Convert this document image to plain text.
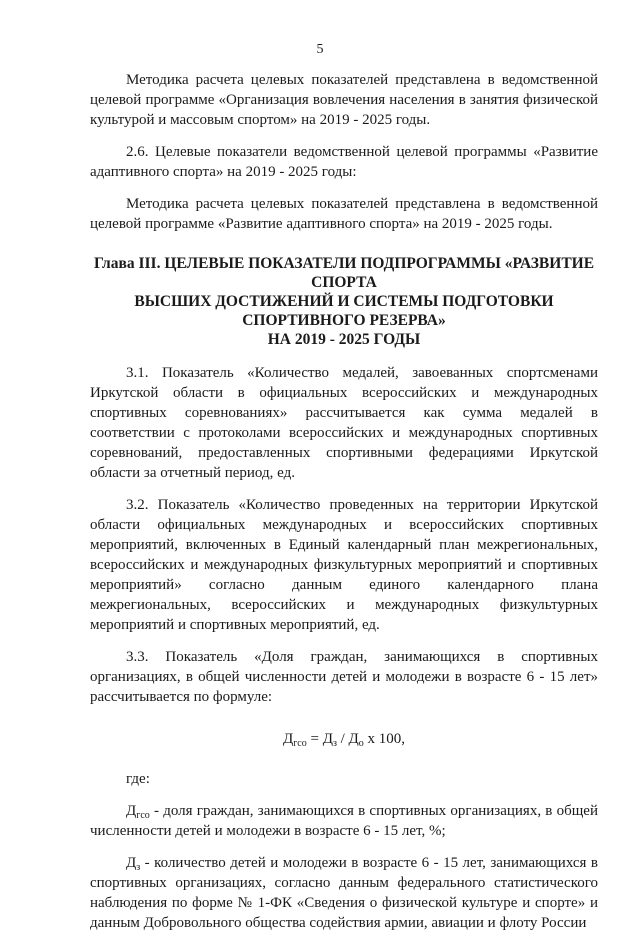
5

Методика расчета целевых показателей представлена в ведомственной целевой программе «Организация вовлечения населения в занятия физической культурой и массовым спортом» на 2019 - 2025 годы.

2.6. Целевые показатели ведомственной целевой программы «Развитие адаптивного спорта» на 2019 - 2025 годы:

Методика расчета целевых показателей представлена в ведомственной целевой программе «Развитие адаптивного спорта» на 2019 - 2025 годы.

Глава III. ЦЕЛЕВЫЕ ПОКАЗАТЕЛИ ПОДПРОГРАММЫ «РАЗВИТИЕ СПОРТА

ВЫСШИХ ДОСТИЖЕНИЙ И СИСТЕМЫ ПОДГОТОВКИ

СПОРТИВНОГО РЕЗЕРВА»

НА 2019 - 2025 ГОДЫ

3.1. Показатель «Количество медалей, завоеванных спортсменами Иркутской области в официальных всероссийских и международных спортивных соревнованиях» рассчитывается как сумма медалей в соответствии с протоколами всероссийских и международных спортивных соревнований, предоставленных спортивными федерациями Иркутской области за отчетный период, ед.

3.2. Показатель «Количество проведенных на территории Иркутской области официальных международных и всероссийских спортивных мероприятий, включенных в Единый календарный план межрегиональных, всероссийских и международных физкультурных мероприятий и спортивных мероприятий» согласно данным единого календарного плана межрегиональных, всероссийских и международных физкультурных мероприятий и спортивных мероприятий, ед.

3.3. Показатель «Доля граждан, занимающихся в спортивных организациях, в общей численности детей и молодежи в возрасте 6 - 15 лет» рассчитывается по формуле:

$Д_{гсо} = Д_з / Д_о$ х 100,

где:

$Д_{гсо}$ - доля граждан, занимающихся в спортивных организациях, в общей численности детей и молодежи в возрасте 6 - 15 лет, %;

$Д_з$ - количество детей и молодежи в возрасте 6 - 15 лет, занимающихся в спортивных организациях, согласно данным федерального статистического наблюдения по форме № 1-ФК «Сведения о физической культуре и спорте» и данным Добровольного общества содействия армии, авиации и флоту России
